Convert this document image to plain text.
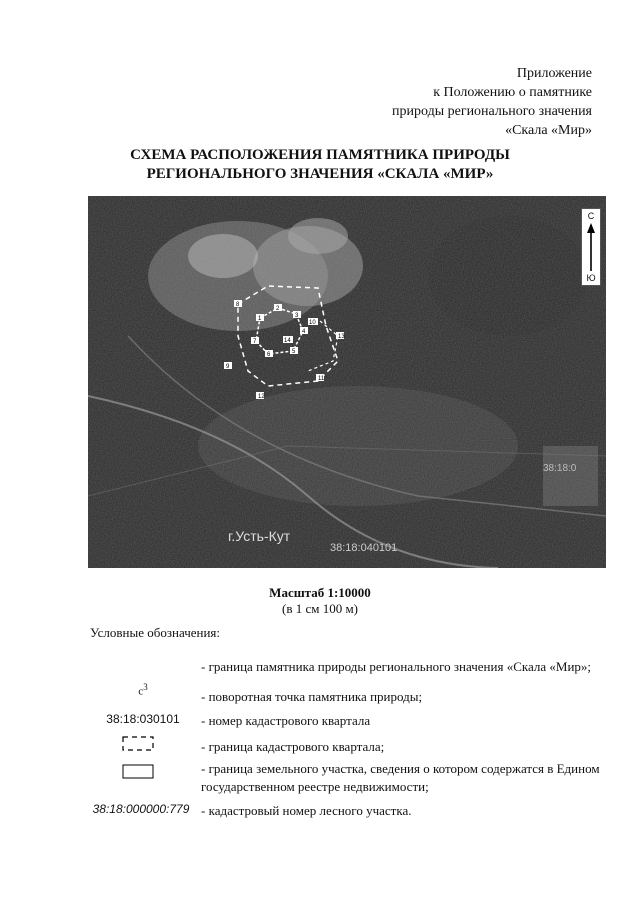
Приложение
к Положению о памятнике
природы регионального значения
«Скала «Мир»
СХЕМА РАСПОЛОЖЕНИЯ ПАМЯТНИКА ПРИРОДЫ
РЕГИОНАЛЬНОГО ЗНАЧЕНИЯ «СКАЛА «МИР»
1
2
3
4
5
6
7
8
9
10
11
12
13
14
г.Усть-Кут
38:18:040101
38:18:0
С
Ю
Масштаб 1:10000
(в 1 см 100 м)
Условные обозначения:
- граница памятника природы регионального значения «Скала «Мир»;
$с^3$
- поворотная точка памятника природы;
38:18:030101	- номер кадастрового квартала
- граница кадастрового квартала;
- граница земельного участка, сведения о котором содержатся в Едином государственном реестре недвижимости;
38:18:000000:779 - кадастровый номер лесного участка.
